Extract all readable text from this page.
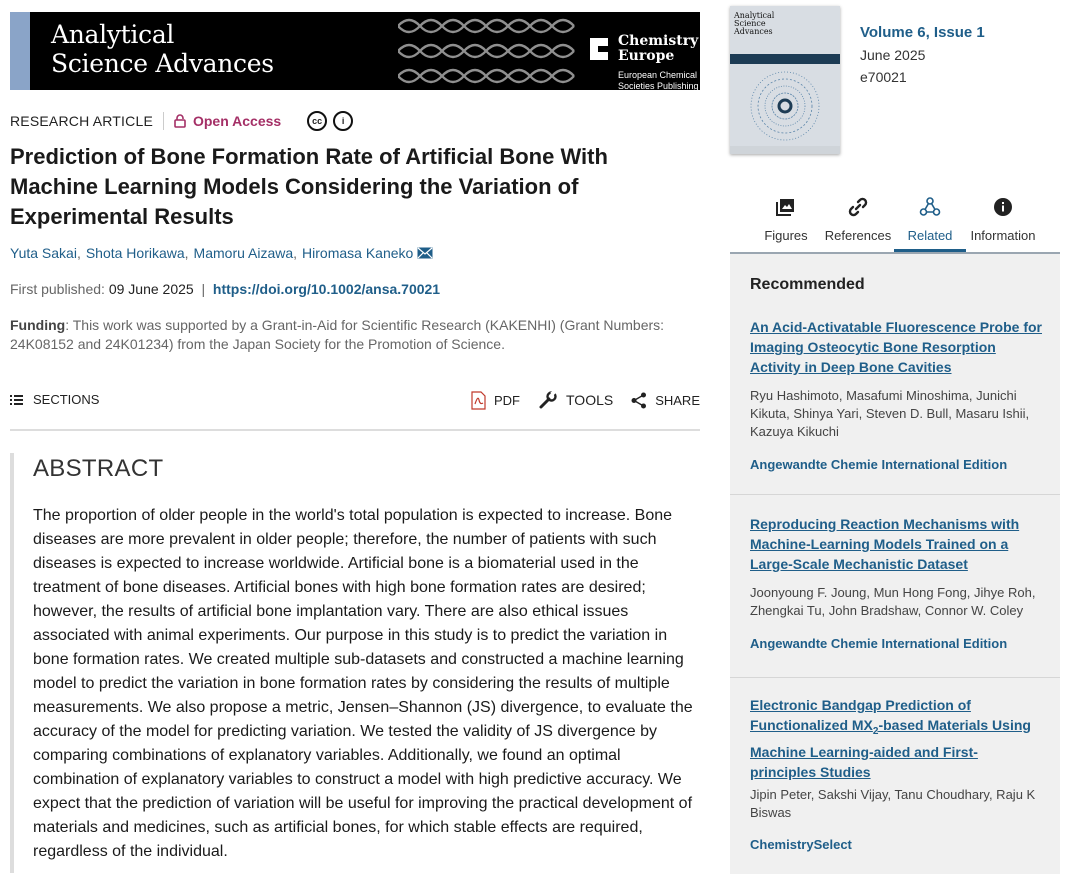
Analytical
Science Advances
Chemistry
Europe
European Chemical
Societies Publishing
RESEARCH ARTICLE	Open Access	cc	i
Prediction of Bone Formation Rate of Artificial Bone With Machine Learning Models Considering the Variation of Experimental Results
Yuta Sakai , Shota Horikawa , Mamoru Aizawa , Hiromasa Kaneko
First published: 09 June 2025 | https://doi.org/10.1002/ansa.70021
Funding: This work was supported by a Grant-in-Aid for Scientific Research (KAKENHI) (Grant Numbers: 24K08152 and 24K01234) from the Japan Society for the Promotion of Science.
SECTIONS	PDF	TOOLS	SHARE
ABSTRACT

The proportion of older people in the world's total population is expected to increase. Bone diseases are more prevalent in older people; therefore, the number of patients with such diseases is expected to increase worldwide. Artificial bone is a biomaterial used in the treatment of bone diseases. Artificial bones with high bone formation rates are desired; however, the results of artificial bone implantation vary. There are also ethical issues associated with animal experiments. Our purpose in this study is to predict the variation in bone formation rates. We created multiple sub-datasets and constructed a machine learning model to predict the variation in bone formation rates by considering the results of multiple measurements. We also propose a metric, Jensen–Shannon (JS) divergence, to evaluate the accuracy of the model for predicting variation. We tested the validity of JS divergence by comparing combinations of explanatory variables. Additionally, we found an optimal combination of explanatory variables to construct a model with high predictive accuracy. We expect that the prediction of variation will be useful for improving the practical development of materials and medicines, such as artificial bones, for which stable effects are required, regardless of the individual.

Analytical
Science
Advances	Volume 6, Issue 1
June 2025
e70021
Figures References Related Information
Recommended
An Acid‐Activatable Fluorescence Probe for Imaging Osteocytic Bone Resorption Activity in Deep Bone Cavities
Ryu Hashimoto, Masafumi Minoshima, Junichi Kikuta, Shinya Yari, Steven D. Bull, Masaru Ishii, Kazuya Kikuchi
Angewandte Chemie International Edition
Reproducing Reaction Mechanisms with Machine‐Learning Models Trained on a Large‐Scale Mechanistic Dataset
Joonyoung F. Joung, Mun Hong Fong, Jihye Roh, Zhengkai Tu, John Bradshaw, Connor W. Coley
Angewandte Chemie International Edition
Electronic Bandgap Prediction of Functionalized $MX_2$-based Materials Using Machine Learning-aided and First-principles Studies
Jipin Peter, Sakshi Vijay, Tanu Choudhary, Raju K Biswas
ChemistrySelect
